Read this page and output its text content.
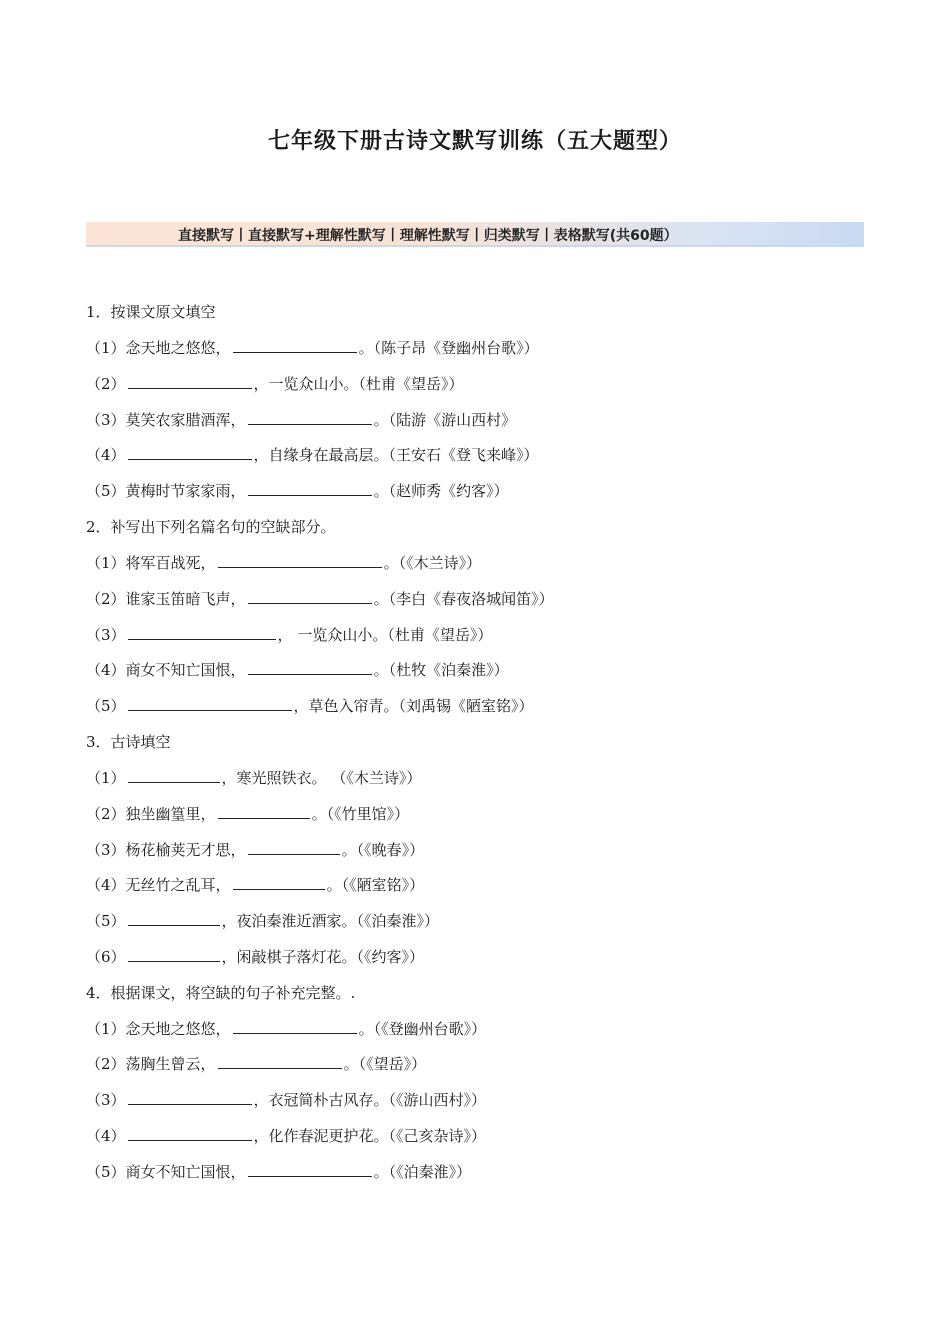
七年级下册古诗文默写训练（五大题型）
直接默写丨直接默写+理解性默写丨理解性默写丨归类默写丨表格默写(共60题）
1．按课文原文填空
（1）念天地之悠悠，	。（陈子昂《登幽州台歌》）
（2）	，一览众山小。（杜甫《望岳》）
（3）莫笑农家腊酒浑，	。（陆游《游山西村》
（4）	，自缘身在最高层。（王安石《登飞来峰》）
（5）黄梅时节家家雨，	。（赵师秀《约客》）
2．补写出下列名篇名句的空缺部分。
（1）将军百战死，	。（《木兰诗》）
（2）谁家玉笛暗飞声，	。（李白《春夜洛城闻笛》）
（3）	， 一览众山小。（杜甫《望岳》）
（4）商女不知亡国恨，	。（杜牧《泊秦淮》）
（5）	，草色入帘青。（刘禹锡《陋室铭》）
3．古诗填空
（1）	，寒光照铁衣。 （《木兰诗》）
（2）独坐幽篁里，	。（《竹里馆》）
（3）杨花榆荚无才思，	。（《晚春》）
（4）无丝竹之乱耳，	。（《陋室铭》）
（5）	，夜泊秦淮近酒家。（《泊秦淮》）
（6）	，闲敲棋子落灯花。（《约客》）
4．根据课文，将空缺的句子补充完整。.
（1）念天地之悠悠，	。（《登幽州台歌》）
（2）荡胸生曾云，	。（《望岳》）
（3）	，衣冠简朴古风存。（《游山西村》）
（4）	，化作春泥更护花。（《己亥杂诗》）
（5）商女不知亡国恨，	。（《泊秦淮》）
